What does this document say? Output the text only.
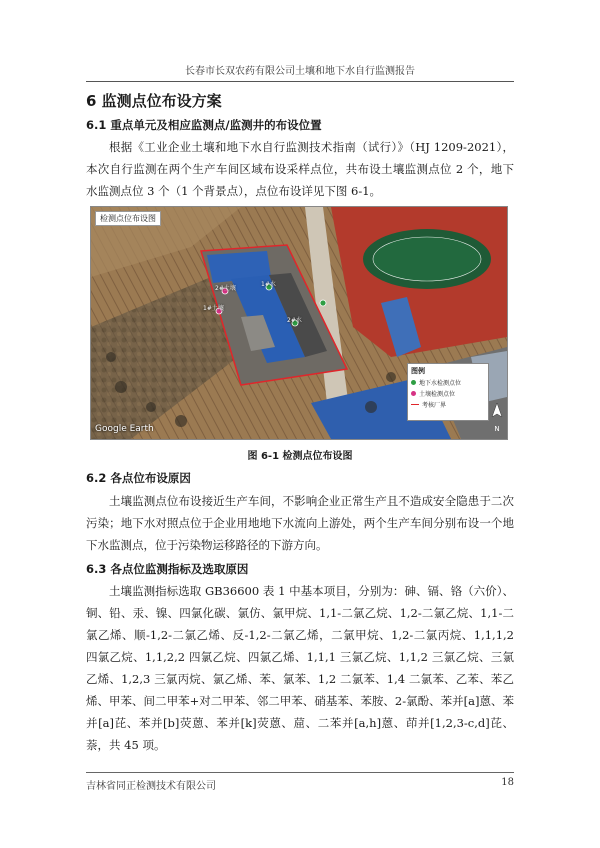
长春市长双农药有限公司土壤和地下水自行监测报告
6 监测点位布设方案
6.1 重点单元及相应监测点/监测井的布设位置
根据《工业企业土壤和地下水自行监测技术指南（试行）》（HJ 1209-2021），本次自行监测在两个生产车间区域布设采样点位，共布设土壤监测点位 2 个，地下水监测点位 3 个（1 个背景点），点位布设详见下图 6-1。
检测点位布设图
2#土壤
1#土壤
1#水
2#水
图例
地下水检测点位
土壤检测点位
考核厂界
N
Google Earth
图 6-1 检测点位布设图
6.2 各点位布设原因
土壤监测点位布设接近生产车间，不影响企业正常生产且不造成安全隐患于二次污染；地下水对照点位于企业用地地下水流向上游处，两个生产车间分别布设一个地下水监测点，位于污染物运移路径的下游方向。
6.3 各点位监测指标及选取原因
土壤监测指标选取 GB36600 表 1 中基本项目，分别为：砷、镉、铬（六价）、铜、铅、汞、镍、四氯化碳、氯仿、氯甲烷、1,1-二氯乙烷、1,2-二氯乙烷、1,1-二氯乙烯、顺-1,2-二氯乙烯、反-1,2-二氯乙烯，二氯甲烷、1,2-二氯丙烷、1,1,1,2 四氯乙烷、1,1,2,2 四氯乙烷、四氯乙烯、1,1,1 三氯乙烷、1,1,2 三氯乙烷、三氯乙烯、1,2,3 三氯丙烷、氯乙烯、苯、氯苯、1,2 二氯苯、1,4 二氯苯、乙苯、苯乙烯、甲苯、间二甲苯+对二甲苯、邻二甲苯、硝基苯、苯胺、2-氯酚、苯并[a]蒽、苯并[a]芘、苯并[b]荧蒽、苯并[k]荧蒽、䓛、二苯并[a,h]蒽、茚并[1,2,3-c,d]芘、萘，共 45 项。
吉林省同正检测技术有限公司	18
